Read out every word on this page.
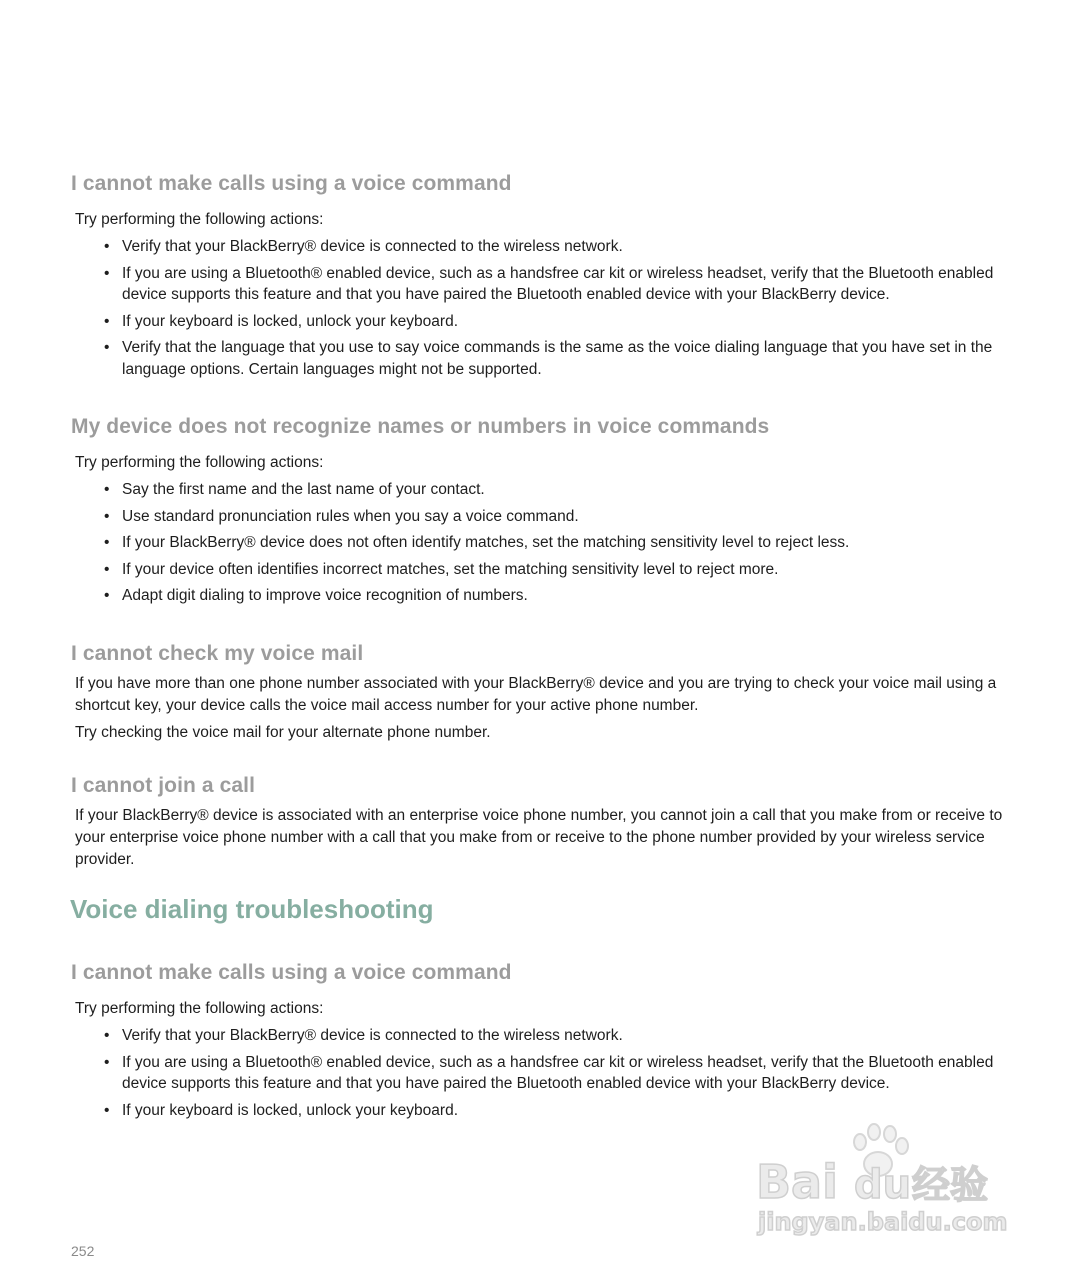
I cannot make calls using a voice command

Try performing the following actions:

• Verify that your BlackBerry® device is connected to the wireless network.
• If you are using a Bluetooth® enabled device, such as a handsfree car kit or wireless headset, verify that the Bluetooth enabled device supports this feature and that you have paired the Bluetooth enabled device with your BlackBerry device.
• If your keyboard is locked, unlock your keyboard.
• Verify that the language that you use to say voice commands is the same as the voice dialing language that you have set in the language options. Certain languages might not be supported.
My device does not recognize names or numbers in voice commands

Try performing the following actions:

• Say the first name and the last name of your contact.
• Use standard pronunciation rules when you say a voice command.
• If your BlackBerry® device does not often identify matches, set the matching sensitivity level to reject less.
• If your device often identifies incorrect matches, set the matching sensitivity level to reject more.
• Adapt digit dialing to improve voice recognition of numbers.
I cannot check my voice mail

If you have more than one phone number associated with your BlackBerry® device and you are trying to check your voice mail using a shortcut key, your device calls the voice mail access number for your active phone number.

Try checking the voice mail for your alternate phone number.

I cannot join a call

If your BlackBerry® device is associated with an enterprise voice phone number, you cannot join a call that you make from or receive to your enterprise voice phone number with a call that you make from or receive to the phone number provided by your wireless service provider.

Voice dialing troubleshooting
I cannot make calls using a voice command

Try performing the following actions:

• Verify that your BlackBerry® device is connected to the wireless network.
• If you are using a Bluetooth® enabled device, such as a handsfree car kit or wireless headset, verify that the Bluetooth enabled device supports this feature and that you have paired the Bluetooth enabled device with your BlackBerry device.
• If your keyboard is locked, unlock your keyboard.
Bai du 经验
jingyan.baidu.com
252
